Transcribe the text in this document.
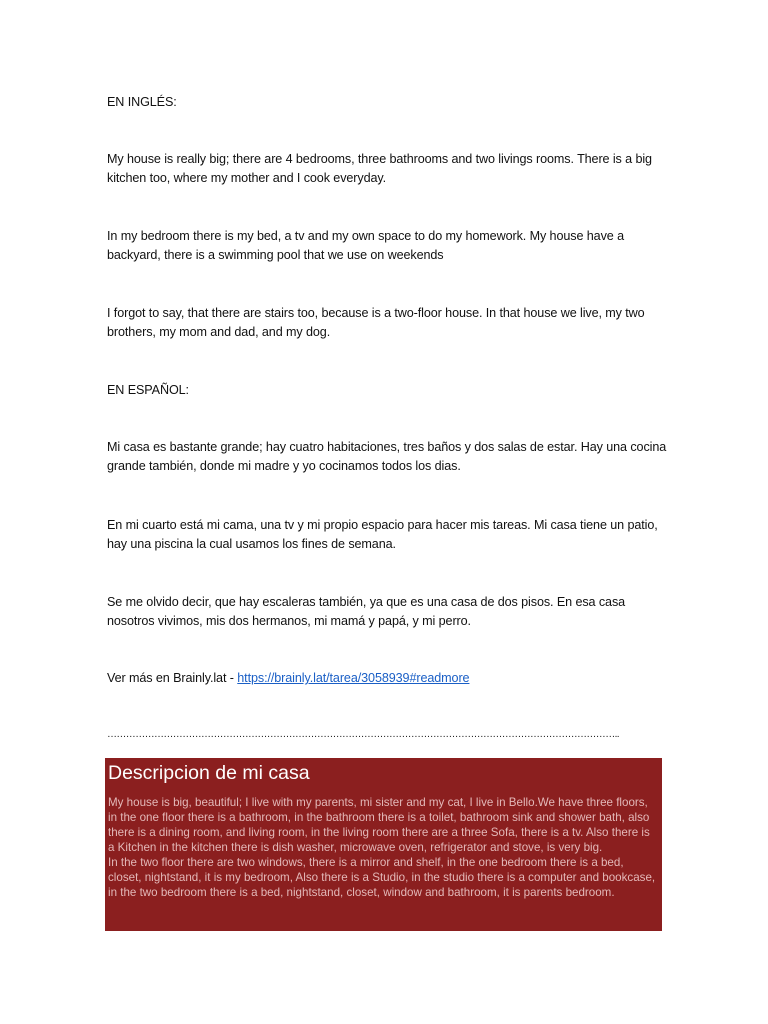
EN INGLÉS:

My house is really big; there are 4 bedrooms, three bathrooms and two livings rooms. There is a big kitchen too, where my mother and I cook everyday.

In my bedroom there is my bed, a tv and my own space to do my homework. My house have a backyard, there is a swimming pool that we use on weekends

I forgot to say, that there are stairs too, because is a two-floor house. In that house we live, my two brothers, my mom and dad, and my dog.

EN ESPAÑOL:

Mi casa es bastante grande; hay cuatro habitaciones, tres baños y dos salas de estar. Hay una cocina grande también, donde mi madre y yo cocinamos todos los dias.

En mi cuarto está mi cama, una tv y mi propio espacio para hacer mis tareas. Mi casa tiene un patio, hay una piscina la cual usamos los fines de semana.

Se me olvido decir, que hay escaleras también, ya que es una casa de dos pisos. En esa casa nosotros vivimos, mis dos hermanos, mi mamá y papá, y mi perro.

Ver más en Brainly.lat - https://brainly.lat/tarea/3058939#readmore

………………………………………………………………………………………………………………………………………………..

Descripcion de mi casa

My house is big, beautiful; I live with my parents, mi sister and my cat, I live in Bello.We have three floors, in the one floor there is a bathroom, in the bathroom there is a toilet, bathroom sink and shower bath, also there is a dining room, and living room, in the living room there are a three Sofa, there is a tv. Also there is a Kitchen in the kitchen there is dish washer, microwave oven, refrigerator and stove, is very big.
In the two floor there are two windows, there is a mirror and shelf, in the one bedroom there is a bed, closet, nightstand, it is my bedroom, Also there is a Studio, in the studio there is a computer and bookcase, in the two bedroom there is a bed, nightstand, closet, window and bathroom, it is parents bedroom.
